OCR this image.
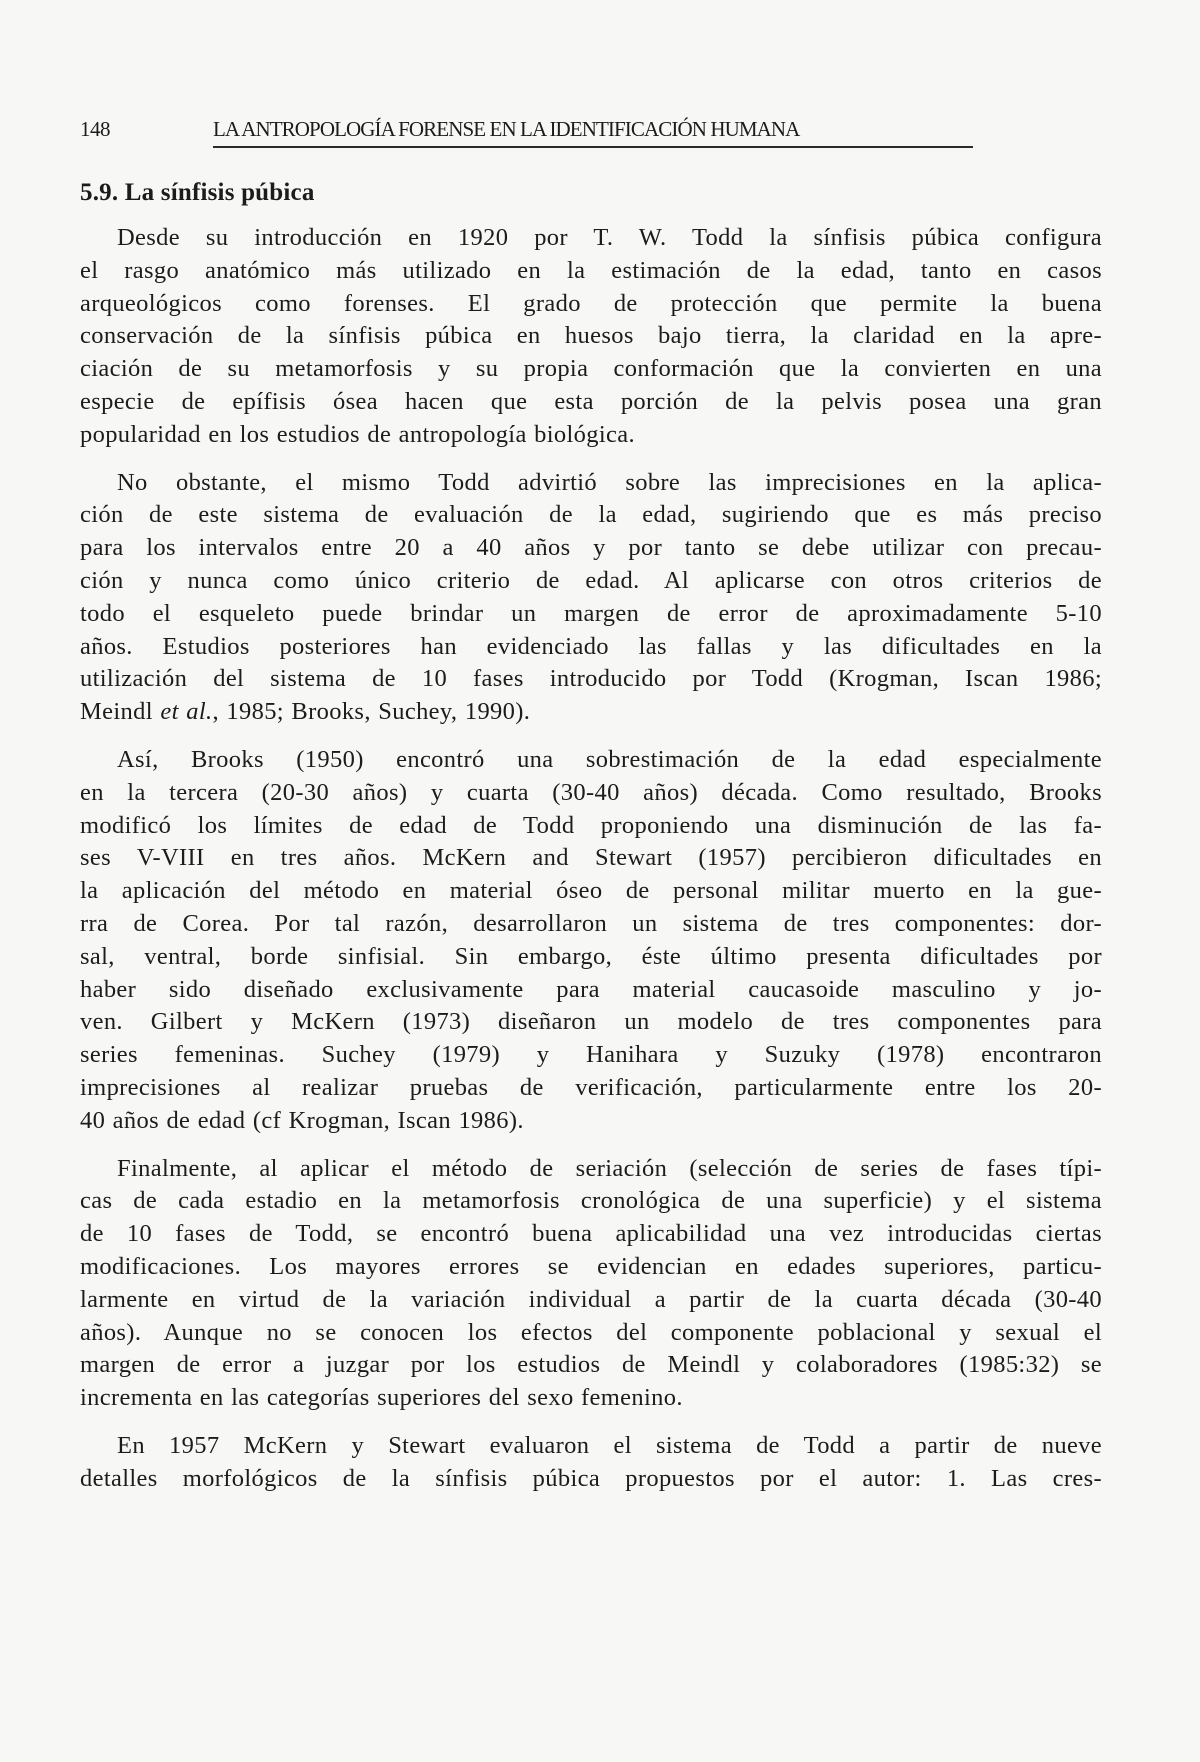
148	LA ANTROPOLOGÍA FORENSE EN LA IDENTIFICACIÓN HUMANA
5.9. La sínfisis púbica

Desde su introducción en 1920 por T. W. Todd la sínfisis púbica configura
el rasgo anatómico más utilizado en la estimación de la edad, tanto en casos
arqueológicos como forenses. El grado de protección que permite la buena
conservación de la sínfisis púbica en huesos bajo tierra, la claridad en la apre-
ciación de su metamorfosis y su propia conformación que la convierten en una
especie de epífisis ósea hacen que esta porción de la pelvis posea una gran
popularidad en los estudios de antropología biológica.

No obstante, el mismo Todd advirtió sobre las imprecisiones en la aplica-
ción de este sistema de evaluación de la edad, sugiriendo que es más preciso
para los intervalos entre 20 a 40 años y por tanto se debe utilizar con precau-
ción y nunca como único criterio de edad. Al aplicarse con otros criterios de
todo el esqueleto puede brindar un margen de error de aproximadamente 5-10
años. Estudios posteriores han evidenciado las fallas y las dificultades en la
utilización del sistema de 10 fases introducido por Todd (Krogman, Iscan 1986;
Meindl et al., 1985; Brooks, Suchey, 1990).

Así, Brooks (1950) encontró una sobrestimación de la edad especialmente
en la tercera (20-30 años) y cuarta (30-40 años) década. Como resultado, Brooks
modificó los límites de edad de Todd proponiendo una disminución de las fa-
ses V-VIII en tres años. McKern and Stewart (1957) percibieron dificultades en
la aplicación del método en material óseo de personal militar muerto en la gue-
rra de Corea. Por tal razón, desarrollaron un sistema de tres componentes: dor-
sal, ventral, borde sinfisial. Sin embargo, éste último presenta dificultades por
haber sido diseñado exclusivamente para material caucasoide masculino y jo-
ven. Gilbert y McKern (1973) diseñaron un modelo de tres componentes para
series femeninas. Suchey (1979) y Hanihara y Suzuky (1978) encontraron
imprecisiones al realizar pruebas de verificación, particularmente entre los 20-
40 años de edad (cf Krogman, Iscan 1986).

Finalmente, al aplicar el método de seriación (selección de series de fases típi-
cas de cada estadio en la metamorfosis cronológica de una superficie) y el sistema
de 10 fases de Todd, se encontró buena aplicabilidad una vez introducidas ciertas
modificaciones. Los mayores errores se evidencian en edades superiores, particu-
larmente en virtud de la variación individual a partir de la cuarta década (30-40
años). Aunque no se conocen los efectos del componente poblacional y sexual el
margen de error a juzgar por los estudios de Meindl y colaboradores (1985:32) se
incrementa en las categorías superiores del sexo femenino.

En 1957 McKern y Stewart evaluaron el sistema de Todd a partir de nueve
detalles morfológicos de la sínfisis púbica propuestos por el autor: 1. Las cres-
